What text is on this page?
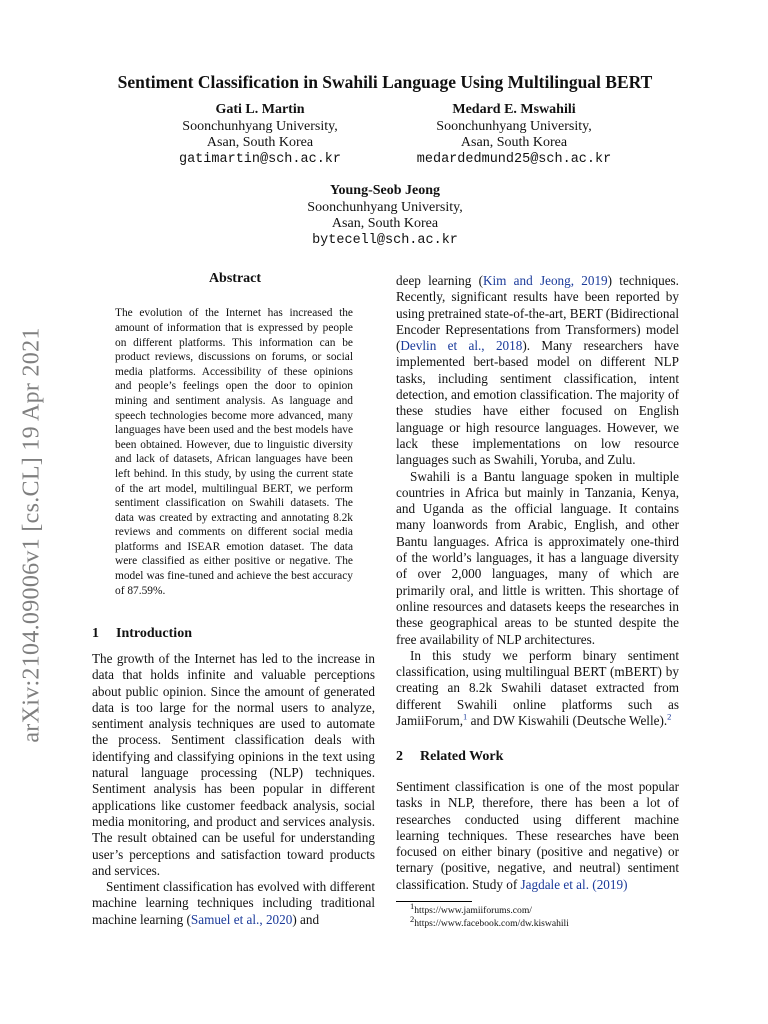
arXiv:2104.09006v1 [cs.CL] 19 Apr 2021
Sentiment Classification in Swahili Language Using Multilingual BERT
Gati L. Martin
Soonchunhyang University,
Asan, South Korea
gatimartin@sch.ac.kr
Medard E. Mswahili
Soonchunhyang University,
Asan, South Korea
medardedmund25@sch.ac.kr
Young-Seob Jeong
Soonchunhyang University,
Asan, South Korea
bytecell@sch.ac.kr
Abstract

The evolution of the Internet has increased the amount of information that is expressed by people on different platforms. This information can be product reviews, discussions on forums, or social media platforms. Accessibility of these opinions and people’s feelings open the door to opinion mining and sentiment analysis. As language and speech technologies become more advanced, many languages have been used and the best models have been obtained. However, due to linguistic diversity and lack of datasets, African languages have been left behind. In this study, by using the current state of the art model, multilingual BERT, we perform sentiment classification on Swahili datasets. The data was created by extracting and annotating 8.2k reviews and comments on different social media platforms and ISEAR emotion dataset. The data were classified as either positive or negative. The model was fine-tuned and achieve the best accuracy of 87.59%.

1 Introduction

The growth of the Internet has led to the increase in data that holds infinite and valuable perceptions about public opinion. Since the amount of generated data is too large for the normal users to analyze, sentiment analysis techniques are used to automate the process. Sentiment classification deals with identifying and classifying opinions in the text using natural language processing (NLP) techniques. Sentiment analysis has been popular in different applications like customer feedback analysis, social media monitoring, and product and services analysis. The result obtained can be useful for understanding user’s perceptions and satisfaction toward products and services.

Sentiment classification has evolved with different machine learning techniques including traditional machine learning (Samuel et al., 2020) and

deep learning (Kim and Jeong, 2019) techniques. Recently, significant results have been reported by using pretrained state-of-the-art, BERT (Bidirectional Encoder Representations from Transformers) model (Devlin et al., 2018). Many researchers have implemented bert-based model on different NLP tasks, including sentiment classification, intent detection, and emotion classification. The majority of these studies have either focused on English language or high resource languages. However, we lack these implementations on low resource languages such as Swahili, Yoruba, and Zulu.

Swahili is a Bantu language spoken in multiple countries in Africa but mainly in Tanzania, Kenya, and Uganda as the official language. It contains many loanwords from Arabic, English, and other Bantu languages. Africa is approximately one-third of the world’s languages, it has a language diversity of over 2,000 languages, many of which are primarily oral, and little is written. This shortage of online resources and datasets keeps the researches in these geographical areas to be stunted despite the free availability of NLP architectures.

In this study we perform binary sentiment classification, using multilingual BERT (mBERT) by creating an 8.2k Swahili dataset extracted from different Swahili online platforms such as JamiiForum,$^1$ and DW Kiswahili (Deutsche Welle).$^2$

2 Related Work

Sentiment classification is one of the most popular tasks in NLP, therefore, there has been a lot of researches conducted using different machine learning techniques. These researches have been focused on either binary (positive and negative) or ternary (positive, negative, and neutral) sentiment classification. Study of Jagdale et al. (2019)

$^1$https://www.jamiiforums.com/
$^2$https://www.facebook.com/dw.kiswahili
